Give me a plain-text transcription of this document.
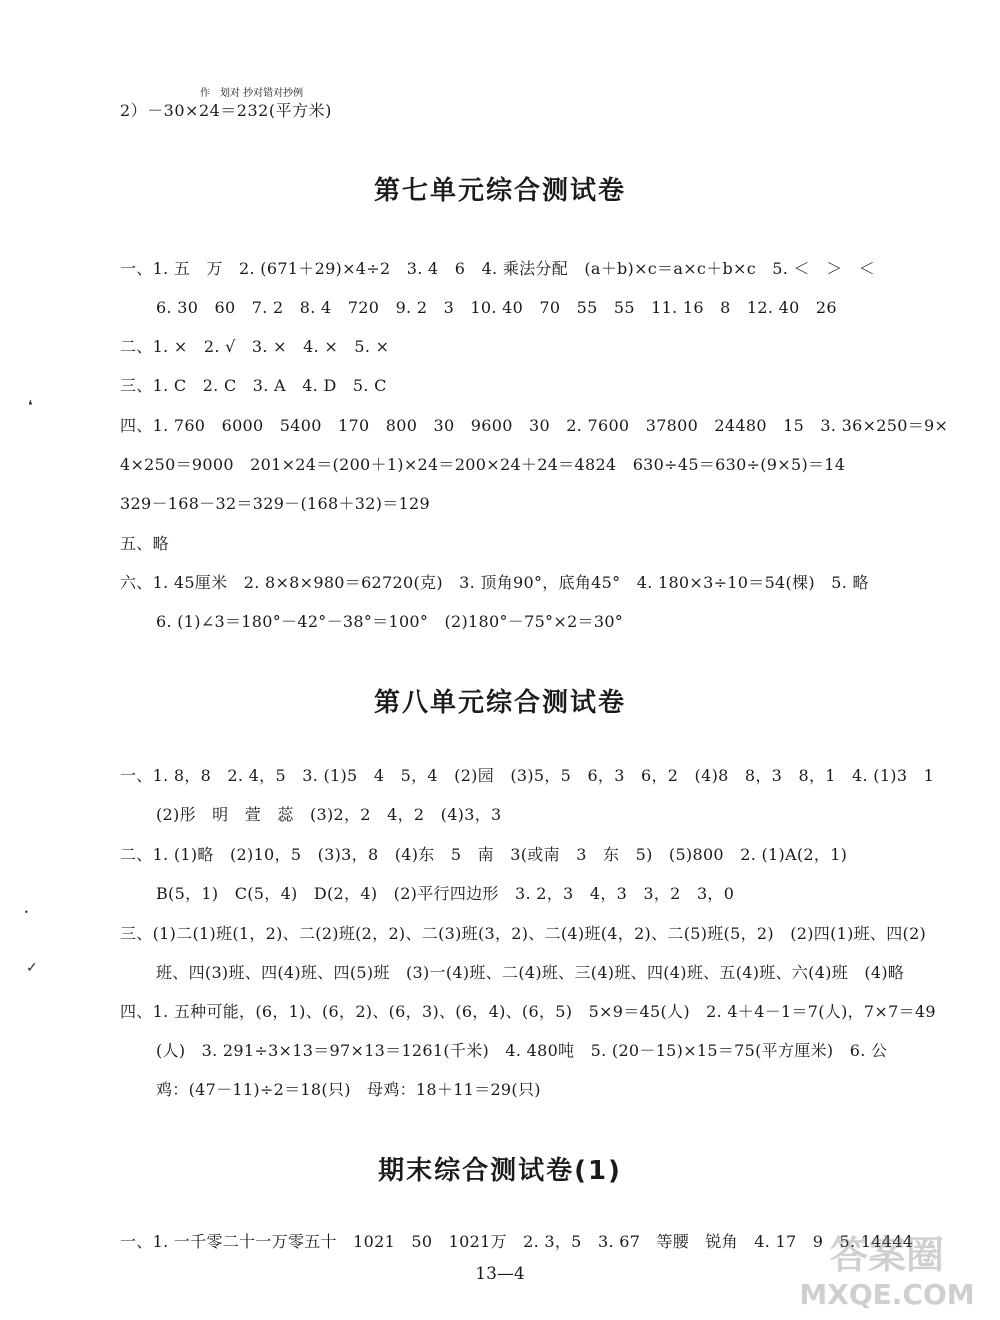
作　划对 抄对错对抄例
2）－30×24＝232(平方米)
第七单元综合测试卷
一、1. 五　万　2. (671＋29)×4÷2　3. 4　6　4. 乘法分配　(a＋b)×c＝a×c＋b×c　5. ＜　＞　＜
6. 30　60　7. 2　8. 4　720　9. 2　3　10. 40　70　55　55　11. 16　8　12. 40　26
二、1. ×　2. √　3. ×　4. ×　5. ×
三、1. C　2. C　3. A　4. D　5. C
四、1. 760　6000　5400　170　800　30　9600　30　2. 7600　37800　24480　15　3. 36×250＝9×
4×250＝9000　201×24＝(200＋1)×24＝200×24＋24＝4824　630÷45＝630÷(9×5)＝14
329－168－32＝329－(168＋32)＝129
五、略
六、1. 45厘米　2. 8×8×980＝62720(克)　3. 顶角90°，底角45°　4. 180×3÷10＝54(棵)　5. 略
6. (1)∠3＝180°－42°－38°＝100°　(2)180°－75°×2＝30°
第八单元综合测试卷
一、1. 8，8　2. 4，5　3. (1)5　4　5，4　(2)园　(3)5，5　6，3　6，2　(4)8　8，3　8，1　4. (1)3　1
(2)彤　明　萱　蕊　(3)2，2　4，2　(4)3，3
二、1. (1)略　(2)10，5　(3)3，8　(4)东　5　南　3(或南　3　东　5)　(5)800　2. (1)A(2，1)
B(5，1)　C(5，4)　D(2，4)　(2)平行四边形　3. 2，3　4，3　3，2　3，0
三、(1)二(1)班(1，2)、二(2)班(2，2)、二(3)班(3，2)、二(4)班(4，2)、二(5)班(5，2)　(2)四(1)班、四(2)
班、四(3)班、四(4)班、四(5)班　(3)一(4)班、二(4)班、三(4)班、四(4)班、五(4)班、六(4)班　(4)略
四、1. 五种可能，(6，1)、(6，2)、(6，3)、(6，4)、(6，5)　5×9＝45(人)　2. 4＋4－1＝7(人)，7×7＝49
(人)　3. 291÷3×13＝97×13＝1261(千米)　4. 480吨　5. (20－15)×15＝75(平方厘米)　6. 公
鸡：(47－11)÷2＝18(只)　母鸡：18＋11＝29(只)
期末综合测试卷(1)
一、1. 一千零二十一万零五十　1021　50　1021万　2. 3，5　3. 67　等腰　锐角　4. 17　9　5. 14444
❛
•
✓
13—4	答案圈
MXQE.COM
